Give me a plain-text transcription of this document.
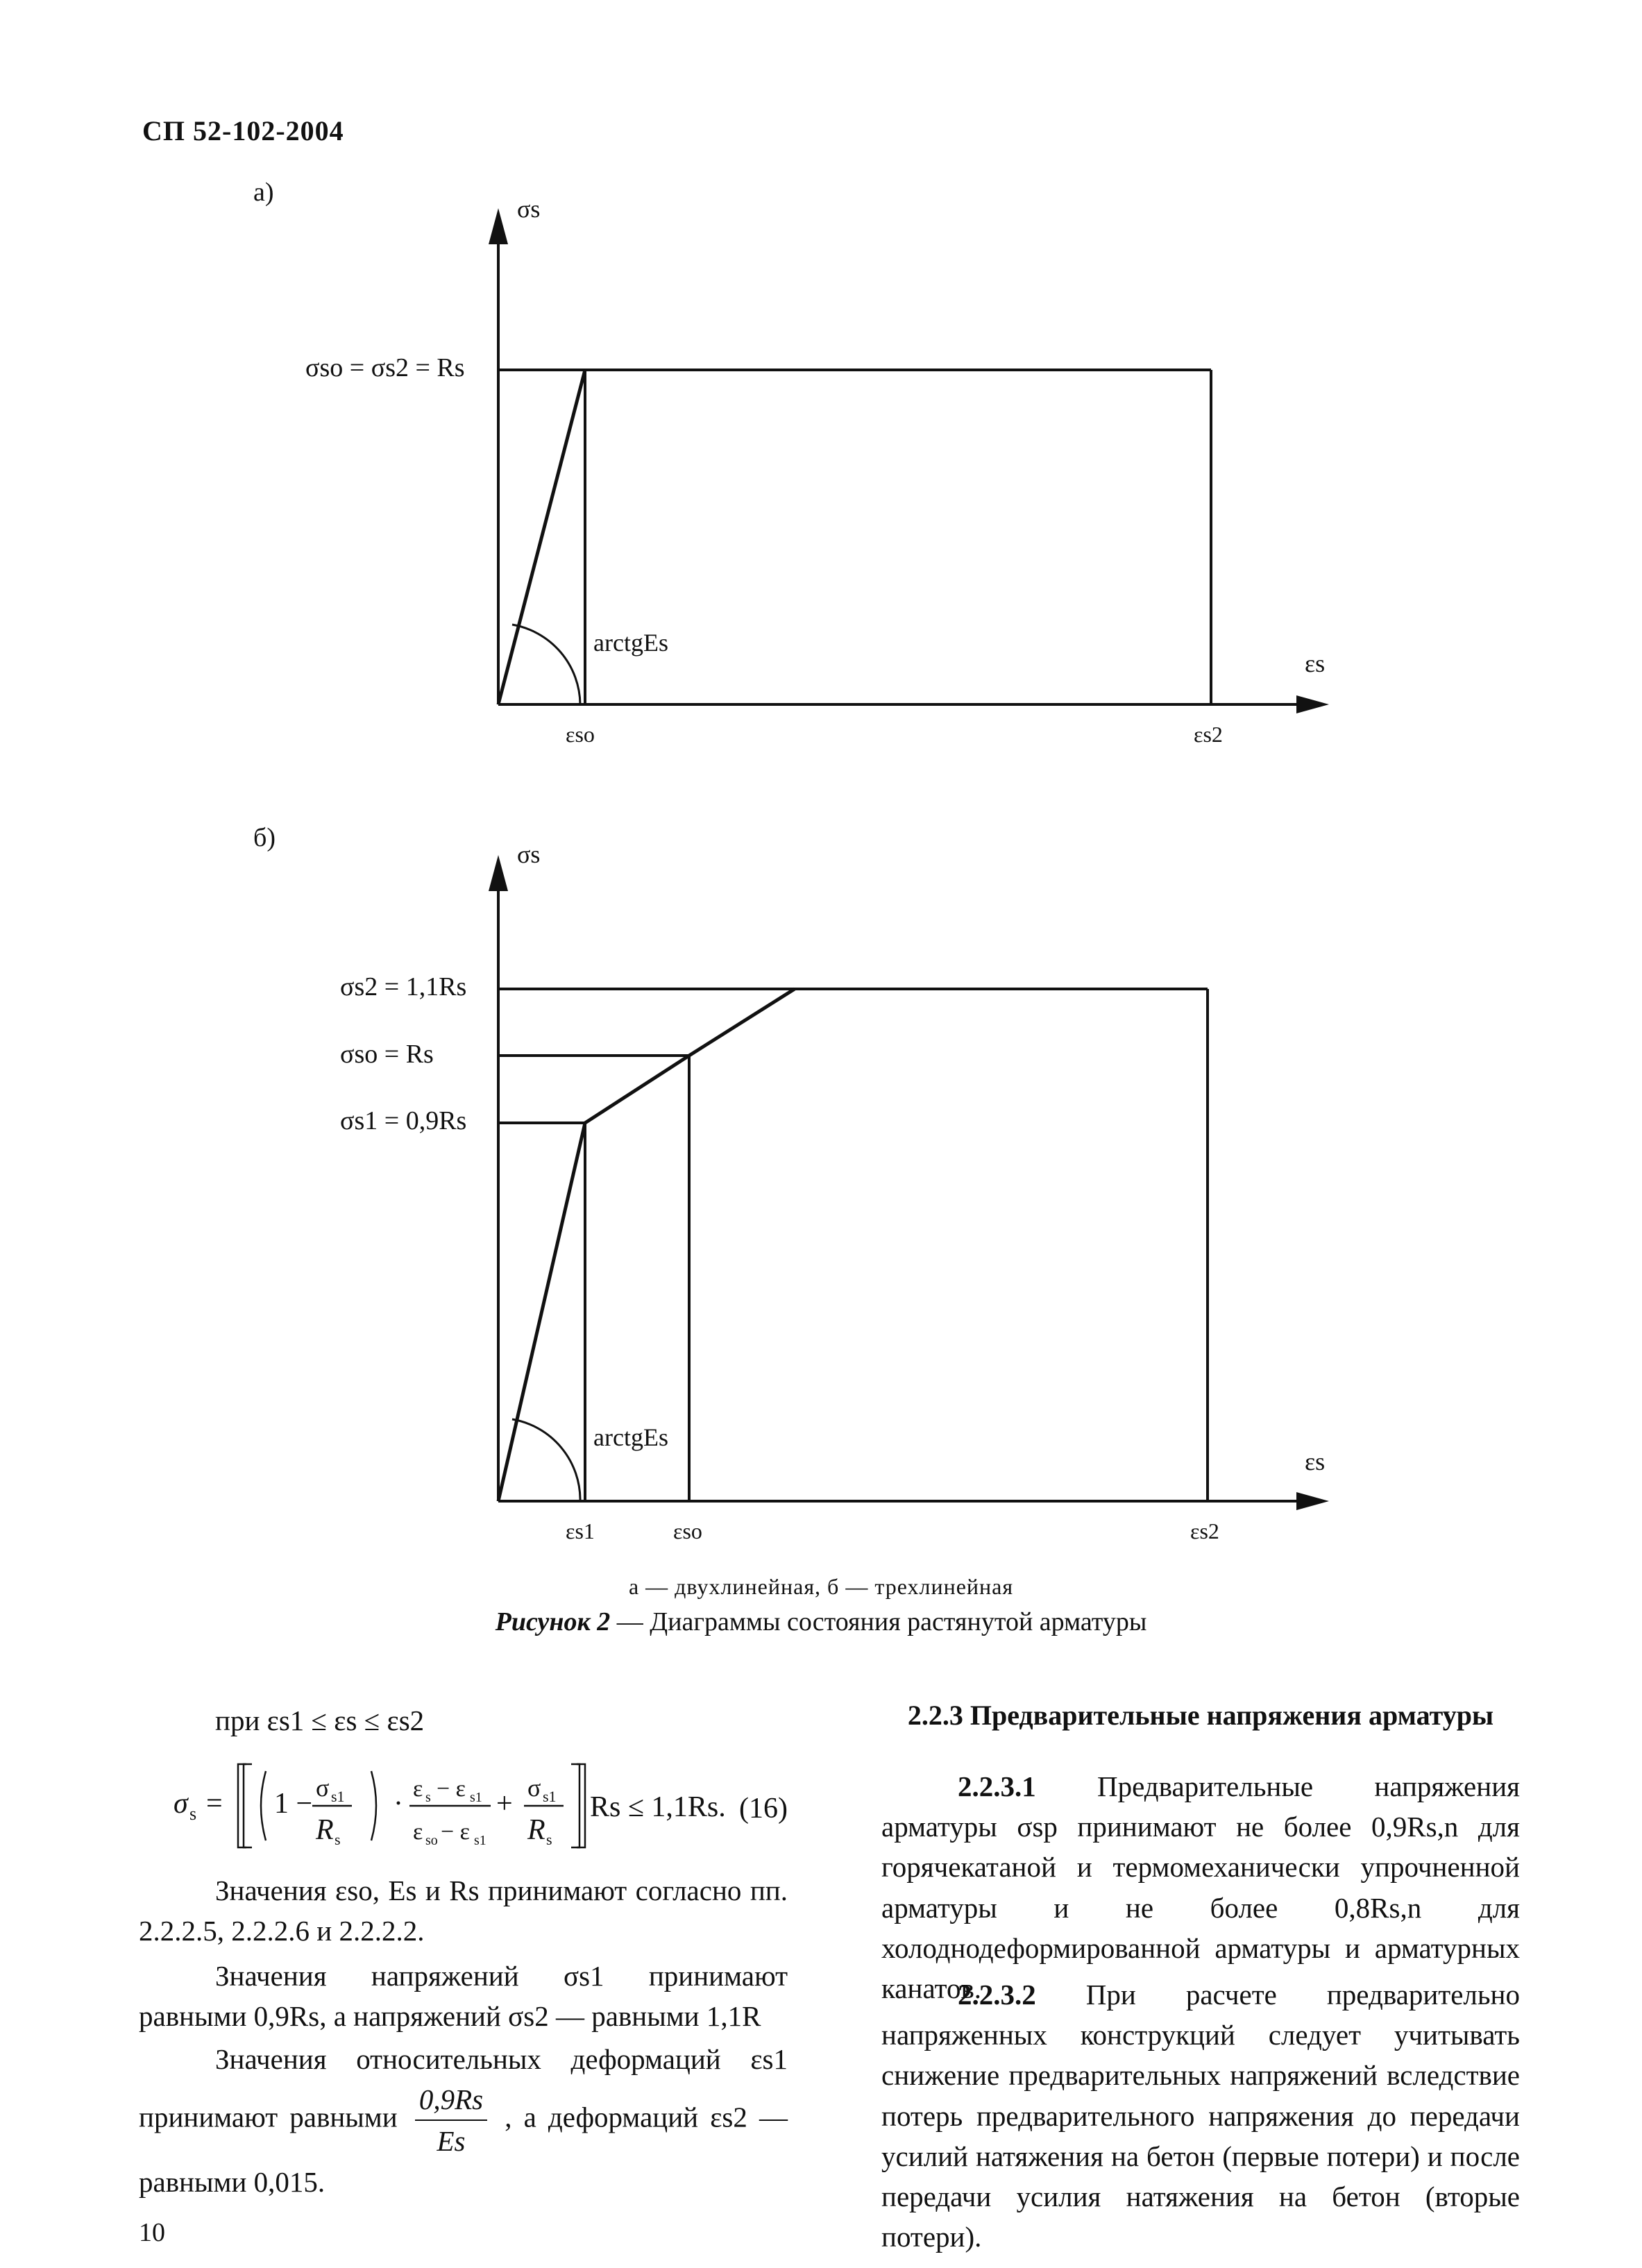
СП 52-102-2004
а)
б)
σs
σso = σs2 = Rs
arctgEs
εs
εso	εs2
σs
σs2 = 1,1Rs
σso = Rs
σs1 = 0,9Rs
arctgEs
εs
εs1	εso	εs2
а — двухлинейная, б — трехлинейная
Рисунок 2 — Диаграммы состояния растянутой арматуры
при εs1 ≤ εs ≤ εs2
σ s =	σ s1
1 −
R s
· ε s − ε s1
ε so − ε s1
+ σ s1
R s
Rs ≤ 1,1Rs. (16)
Значения εso, Es и Rs принимают согласно пп. 2.2.2.5, 2.2.2.6 и 2.2.2.2.
Значения напряжений σs1 принимают равными 0,9Rs, а напряжений σs2 — равными 1,1R
Значения относительных деформаций εs1 принимают равными $\frac{0,9Rs}{Es}$ , а деформаций εs2 — равными 0,015.
2.2.3 Предварительные напряжения арматуры
2.2.3.1 Предварительные напряжения арматуры σsp принимают не более 0,9Rs,n для горячекатаной и термомеханически упрочненной арматуры и не более 0,8Rs,n для холоднодеформированной арматуры и арматурных канатов.
2.2.3.2 При расчете предварительно напряженных конструкций следует учитывать снижение предварительных напряжений вследствие потерь предварительного напряжения до передачи усилий натяжения на бетон (первые потери) и после передачи усилия натяжения на бетон (вторые потери).
10
